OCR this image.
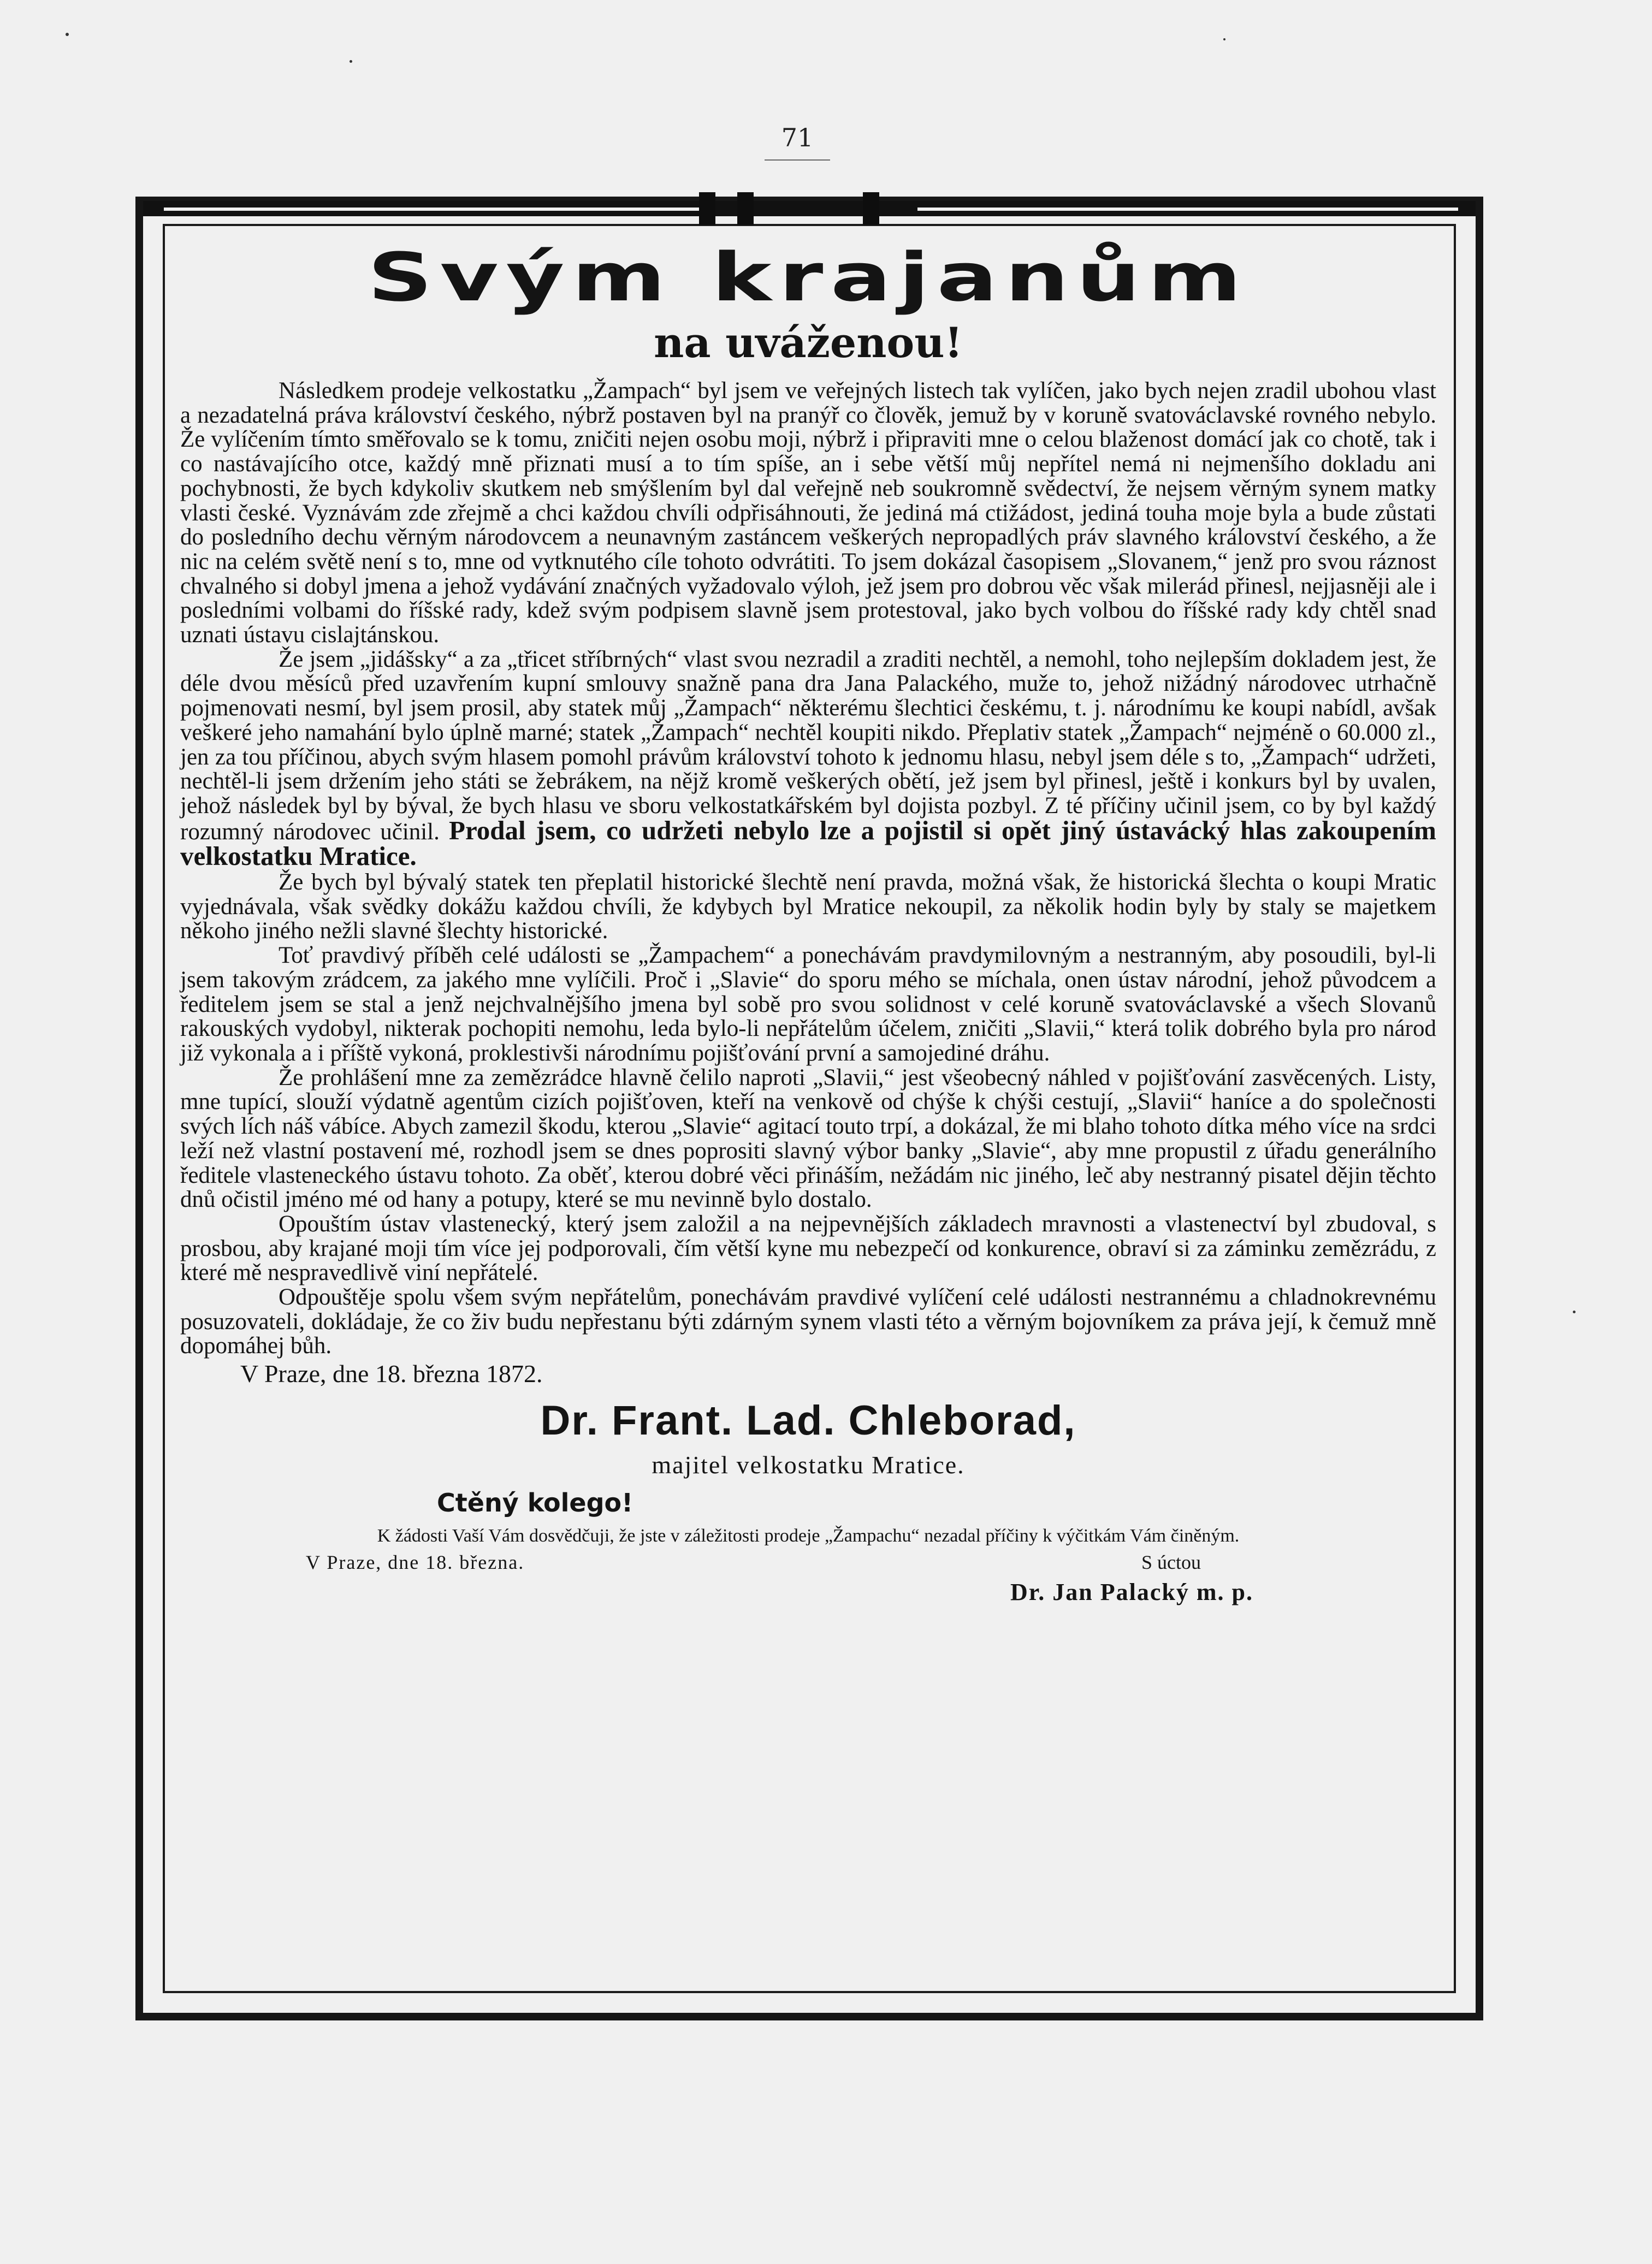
71
Svým krajanům
na uváženou!

Následkem prodeje velkostatku „Žampach“ byl jsem ve veřejných listech tak vylíčen, jako bych nejen zradil ubohou vlast a nezadatelná práva království českého, nýbrž postaven byl na pranýř co člověk, jemuž by v koruně svatováclavské rovného nebylo. Že vylíčením tímto směřovalo se k tomu, zničiti nejen osobu moji, nýbrž i připraviti mne o celou blaženost domácí jak co chotě, tak i co nastávajícího otce, každý mně přiznati musí a to tím spíše, an i sebe větší můj nepřítel nemá ni nejmenšího dokladu ani pochybnosti, že bych kdykoliv skutkem neb smýšlením byl dal veřejně neb soukromně svědectví, že nejsem věrným synem matky vlasti české. Vyznávám zde zřejmě a chci každou chvíli odpřisáhnouti, že jediná má ctižádost, jediná touha moje byla a bude zůstati do posledního dechu věrným národovcem a neunavným zastáncem veškerých nepropadlých práv slavného království českého, a že nic na celém světě není s to, mne od vytknutého cíle tohoto odvrátiti. To jsem dokázal časopisem „Slovanem,“ jenž pro svou ráznost chvalného si dobyl jmena a jehož vydávání značných vyžadovalo výloh, jež jsem pro dobrou věc však milerád přinesl, nejjasněji ale i posledními volbami do říšské rady, kdež svým podpisem slavně jsem protestoval, jako bych volbou do říšské rady kdy chtěl snad uznati ústavu cislajtánskou.

Že jsem „jidášsky“ a za „třicet stříbrných“ vlast svou nezradil a zraditi nechtěl, a nemohl, toho nejlepším dokladem jest, že déle dvou měsíců před uzavřením kupní smlouvy snažně pana dra Jana Palackého, muže to, jehož nižádný národovec utrhačně pojmenovati nesmí, byl jsem prosil, aby statek můj „Žampach“ některému šlechtici českému, t. j. národnímu ke koupi nabídl, avšak veškeré jeho namahání bylo úplně marné; statek „Žampach“ nechtěl koupiti nikdo. Přeplativ statek „Žampach“ nejméně o 60.000 zl., jen za tou příčinou, abych svým hlasem pomohl právům království tohoto k jednomu hlasu, nebyl jsem déle s to, „Žampach“ udržeti, nechtěl-li jsem držením jeho státi se žebrákem, na nějž kromě veškerých obětí, jež jsem byl přinesl, ještě i konkurs byl by uvalen, jehož následek byl by býval, že bych hlasu ve sboru velkostatkářském byl dojista pozbyl. Z té příčiny učinil jsem, co by byl každý rozumný národovec učinil. Prodal jsem, co udržeti nebylo lze a pojistil si opět jiný ústavácký hlas zakoupením velkostatku Mratice.

Že bych byl bývalý statek ten přeplatil historické šlechtě není pravda, možná však, že historická šlechta o koupi Mratic vyjednávala, však svědky dokážu každou chvíli, že kdybych byl Mratice nekoupil, za několik hodin byly by staly se majetkem někoho jiného nežli slavné šlechty historické.

Toť pravdivý příběh celé události se „Žampachem“ a ponechávám pravdymilovným a nestranným, aby posoudili, byl-li jsem takovým zrádcem, za jakého mne vylíčili. Proč i „Slavie“ do sporu mého se míchala, onen ústav národní, jehož původcem a ředitelem jsem se stal a jenž nejchvalnějšího jmena byl sobě pro svou solidnost v celé koruně svatováclavské a všech Slovanů rakouských vydobyl, nikterak pochopiti nemohu, leda bylo-li nepřátelům účelem, zničiti „Slavii,“ která tolik dobrého byla pro národ již vykonala a i příště vykoná, proklestivši národnímu pojišťování první a samojediné dráhu.

Že prohlášení mne za zemězrádce hlavně čelilo naproti „Slavii,“ jest všeobecný náhled v pojišťování zasvěcených. Listy, mne tupící, slouží výdatně agentům cizích pojišťoven, kteří na venkově od chýše k chýši cestují, „Slavii“ haníce a do společnosti svých lích náš vábíce. Abych zamezil škodu, kterou „Slavie“ agitací touto trpí, a dokázal, že mi blaho tohoto dítka mého více na srdci leží než vlastní postavení mé, rozhodl jsem se dnes poprositi slavný výbor banky „Slavie“, aby mne propustil z úřadu generálního ředitele vlasteneckého ústavu tohoto. Za oběť, kterou dobré věci přináším, nežádám nic jiného, leč aby nestranný pisatel dějin těchto dnů očistil jméno mé od hany a potupy, které se mu nevinně bylo dostalo.

Opouštím ústav vlastenecký, který jsem založil a na nejpevnějších základech mravnosti a vlastenectví byl zbudoval, s prosbou, aby krajané moji tím více jej podporovali, čím větší kyne mu nebezpečí od konkurence, obraví si za záminku zemězrádu, z které mě nespravedlivě viní nepřátelé.

Odpouštěje spolu všem svým nepřátelům, ponechávám pravdivé vylíčení celé události nestrannému a chladnokrevnému posuzovateli, dokládaje, že co živ budu nepřestanu býti zdárným synem vlasti této a věrným bojovníkem za práva její, k čemuž mně dopomáhej bůh.

V Praze, dne 18. března 1872.
Dr. Frant. Lad. Chleborad,
majitel velkostatku Mratice.
Ctěný kolego!
K žádosti Vaší Vám dosvědčuji, že jste v záležitosti prodeje „Žampachu“ nezadal příčiny k výčitkám Vám činěným.
V Praze, dne 18. března.	S úctou
Dr. Jan Palacký m. p.
